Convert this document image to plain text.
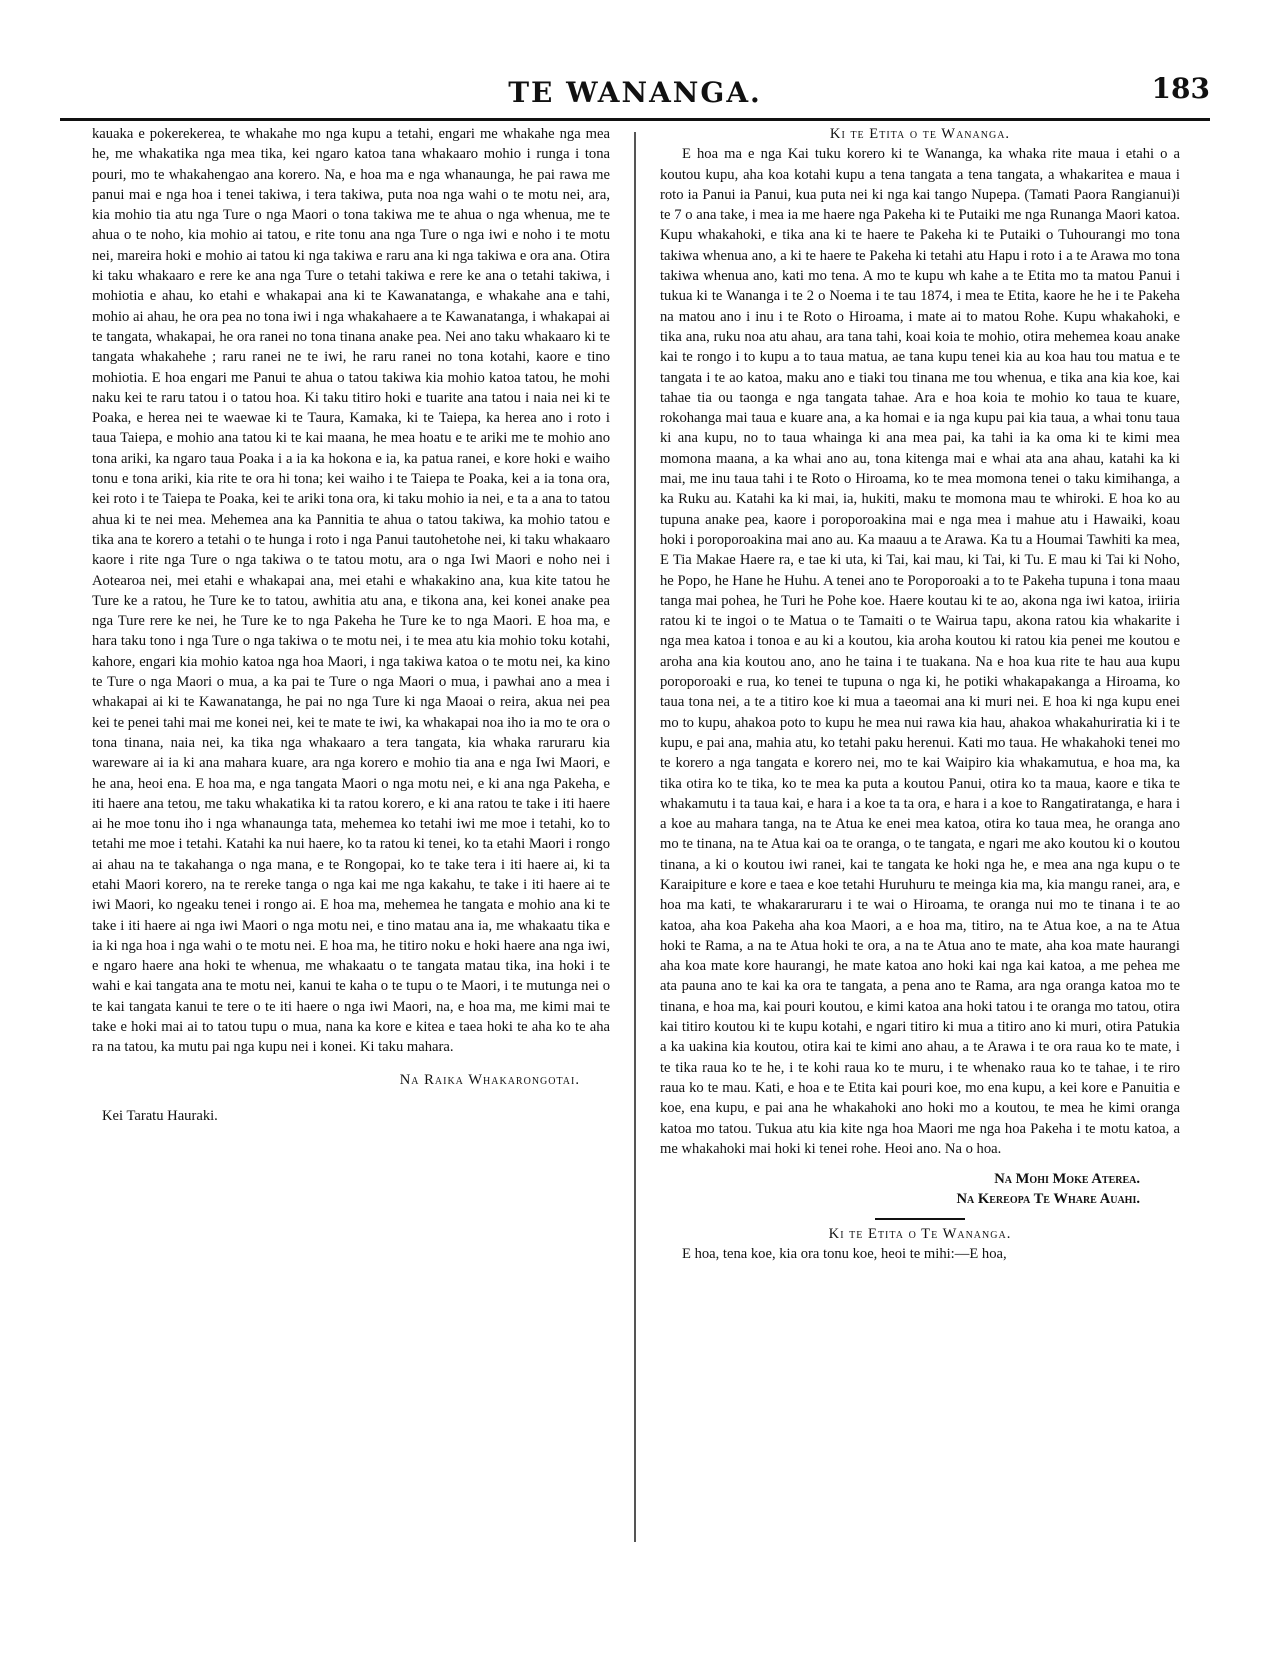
TE WANANGA.	183

kauaka e pokerekerea, te whakahe mo nga kupu a tetahi, engari me whakahe nga mea he, me whakatika nga mea tika, kei ngaro katoa tana whakaaro mohio i runga i tona pouri, mo te whakahengao ana korero. Na, e hoa ma e nga whanaunga, he pai rawa me panui mai e nga hoa i tenei takiwa, i tera takiwa, puta noa nga wahi o te motu nei, ara, kia mohio tia atu nga Ture o nga Maori o tona takiwa me te ahua o nga whenua, me te ahua o te noho, kia mohio ai tatou, e rite tonu ana nga Ture o nga iwi e noho i te motu nei, mareira hoki e mohio ai tatou ki nga takiwa e raru ana ki nga takiwa e ora ana. Otira ki taku whakaaro e rere ke ana nga Ture o tetahi takiwa e rere ke ana o tetahi takiwa, i mohiotia e ahau, ko etahi e whakapai ana ki te Kawanatanga, e whakahe ana e tahi, mohio ai ahau, he ora pea no tona iwi i nga whakahaere a te Kawanatanga, i whakapai ai te tangata, whakapai, he ora ranei no tona tinana anake pea. Nei ano taku whakaaro ki te tangata whakahehe ; raru ranei ne te iwi, he raru ranei no tona kotahi, kaore e tino mohiotia. E hoa engari me Panui te ahua o tatou takiwa kia mohio katoa tatou, he mohi naku kei te raru tatou i o tatou hoa. Ki taku titiro hoki e tuarite ana tatou i naia nei ki te Poaka, e herea nei te waewae ki te Taura, Kamaka, ki te Taiepa, ka herea ano i roto i taua Taiepa, e mohio ana tatou ki te kai maana, he mea hoatu e te ariki me te mohio ano tona ariki, ka ngaro taua Poaka i a ia ka hokona e ia, ka patua ranei, e kore hoki e waiho tonu e tona ariki, kia rite te ora hi tona; kei waiho i te Taiepa te Poaka, kei a ia tona ora, kei roto i te Taiepa te Poaka, kei te ariki tona ora, ki taku mohio ia nei, e ta a ana to tatou ahua ki te nei mea. Mehemea ana ka Pannitia te ahua o tatou takiwa, ka mohio tatou e tika ana te korero a tetahi o te hunga i roto i nga Panui tautohetohe nei, ki taku whakaaro kaore i rite nga Ture o nga takiwa o te tatou motu, ara o nga Iwi Maori e noho nei i Aotearoa nei, mei etahi e whakapai ana, mei etahi e whakakino ana, kua kite tatou he Ture ke a ratou, he Ture ke to tatou, awhitia atu ana, e tikona ana, kei konei anake pea nga Ture rere ke nei, he Ture ke to nga Pakeha he Ture ke to nga Maori. E hoa ma, e hara taku tono i nga Ture o nga takiwa o te motu nei, i te mea atu kia mohio toku kotahi, kahore, engari kia mohio katoa nga hoa Maori, i nga takiwa katoa o te motu nei, ka kino te Ture o nga Maori o mua, a ka pai te Ture o nga Maori o mua, i pawhai ano a mea i whakapai ai ki te Kawanatanga, he pai no nga Ture ki nga Maoai o reira, akua nei pea kei te penei tahi mai me konei nei, kei te mate te iwi, ka whakapai noa iho ia mo te ora o tona tinana, naia nei, ka tika nga whakaaro a tera tangata, kia whaka raruraru kia wareware ai ia ki ana mahara kuare, ara nga korero e mohio tia ana e nga Iwi Maori, e he ana, heoi ena. E hoa ma, e nga tangata Maori o nga motu nei, e ki ana nga Pakeha, e iti haere ana tetou, me taku whakatika ki ta ratou korero, e ki ana ratou te take i iti haere ai he moe tonu iho i nga whanaunga tata, mehemea ko tetahi iwi me moe i tetahi, ko to tetahi me moe i tetahi. Katahi ka nui haere, ko ta ratou ki tenei, ko ta etahi Maori i rongo ai ahau na te takahanga o nga mana, e te Rongopai, ko te take tera i iti haere ai, ki ta etahi Maori korero, na te rereke tanga o nga kai me nga kakahu, te take i iti haere ai te iwi Maori, ko ngeaku tenei i rongo ai. E hoa ma, mehemea he tangata e mohio ana ki te take i iti haere ai nga iwi Maori o nga motu nei, e tino matau ana ia, me whakaatu tika e ia ki nga hoa i nga wahi o te motu nei. E hoa ma, he titiro noku e hoki haere ana nga iwi, e ngaro haere ana hoki te whenua, me whakaatu o te tangata matau tika, ina hoki i te wahi e kai tangata ana te motu nei, kanui te kaha o te tupu o te Maori, i te mutunga nei o te kai tangata kanui te tere o te iti haere o nga iwi Maori, na, e hoa ma, me kimi mai te take e hoki mai ai to tatou tupu o mua, nana ka kore e kitea e taea hoki te aha ko te aha ra na tatou, ka mutu pai nga kupu nei i konei. Ki taku mahara.

Na Raika Whakarongotai.

Kei Taratu Hauraki.

Ki te Etita o te Wananga.

E hoa ma e nga Kai tuku korero ki te Wananga, ka whaka rite maua i etahi o a koutou kupu, aha koa kotahi kupu a tena tangata a tena tangata, a whakaritea e maua i roto ia Panui ia Panui, kua puta nei ki nga kai tango Nupepa. (Tamati Paora Rangianui)i te 7 o ana take, i mea ia me haere nga Pakeha ki te Putaiki me nga Runanga Maori katoa. Kupu whakahoki, e tika ana ki te haere te Pakeha ki te Putaiki o Tuhourangi mo tona takiwa whenua ano, a ki te haere te Pakeha ki tetahi atu Hapu i roto i a te Arawa mo tona takiwa whenua ano, kati mo tena. A mo te kupu wh kahe a te Etita mo ta matou Panui i tukua ki te Wananga i te 2 o Noema i te tau 1874, i mea te Etita, kaore he he i te Pakeha na matou ano i inu i te Roto o Hiroama, i mate ai to matou Rohe. Kupu whakahoki, e tika ana, ruku noa atu ahau, ara tana tahi, koai koia te mohio, otira mehemea koau anake kai te rongo i to kupu a to taua matua, ae tana kupu tenei kia au koa hau tou matua e te tangata i te ao katoa, maku ano e tiaki tou tinana me tou whenua, e tika ana kia koe, kai tahae tia ou taonga e nga tangata tahae. Ara e hoa koia te mohio ko taua te kuare, rokohanga mai taua e kuare ana, a ka homai e ia nga kupu pai kia taua, a whai tonu taua ki ana kupu, no to taua whainga ki ana mea pai, ka tahi ia ka oma ki te kimi mea momona maana, a ka whai ano au, tona kitenga mai e whai ata ana ahau, katahi ka ki mai, me inu taua tahi i te Roto o Hiroama, ko te mea momona tenei o taku kimihanga, a ka Ruku au. Katahi ka ki mai, ia, hukiti, maku te momona mau te whiroki. E hoa ko au tupuna anake pea, kaore i poroporoakina mai e nga mea i mahue atu i Hawaiki, koau hoki i poroporoakina mai ano au. Ka maauu a te Arawa. Ka tu a Houmai Tawhiti ka mea, E Tia Makae Haere ra, e tae ki uta, ki Tai, kai mau, ki Tai, ki Tu. E mau ki Tai ki Noho, he Popo, he Hane he Huhu. A tenei ano te Poroporoaki a to te Pakeha tupuna i tona maau tanga mai pohea, he Turi he Pohe koe. Haere koutau ki te ao, akona nga iwi katoa, iriiria ratou ki te ingoi o te Matua o te Tamaiti o te Wairua tapu, akona ratou kia whakarite i nga mea katoa i tonoa e au ki a koutou, kia aroha koutou ki ratou kia penei me koutou e aroha ana kia koutou ano, ano he taina i te tuakana. Na e hoa kua rite te hau aua kupu poroporoaki e rua, ko tenei te tupuna o nga ki, he potiki whakapakanga a Hiroama, ko taua tona nei, a te a titiro koe ki mua a taeomai ana ki muri nei. E hoa ki nga kupu enei mo to kupu, ahakoa poto to kupu he mea nui rawa kia hau, ahakoa whakahuriratia ki i te kupu, e pai ana, mahia atu, ko tetahi paku herenui. Kati mo taua. He whakahoki tenei mo te korero a nga tangata e korero nei, mo te kai Waipiro kia whakamutua, e hoa ma, ka tika otira ko te tika, ko te mea ka puta a koutou Panui, otira ko ta maua, kaore e tika te whakamutu i ta taua kai, e hara i a koe ta ta ora, e hara i a koe to Rangatiratanga, e hara i a koe au mahara tanga, na te Atua ke enei mea katoa, otira ko taua mea, he oranga ano mo te tinana, na te Atua kai oa te oranga, o te tangata, e ngari me ako koutou ki o koutou tinana, a ki o koutou iwi ranei, kai te tangata ke hoki nga he, e mea ana nga kupu o te Karaipiture e kore e taea e koe tetahi Huruhuru te meinga kia ma, kia mangu ranei, ara, e hoa ma kati, te whakararuraru i te wai o Hiroama, te oranga nui mo te tinana i te ao katoa, aha koa Pakeha aha koa Maori, a e hoa ma, titiro, na te Atua koe, a na te Atua hoki te Rama, a na te Atua hoki te ora, a na te Atua ano te mate, aha koa mate haurangi aha koa mate kore haurangi, he mate katoa ano hoki kai nga kai katoa, a me pehea me ata pauna ano te kai ka ora te tangata, a pena ano te Rama, ara nga oranga katoa mo te tinana, e hoa ma, kai pouri koutou, e kimi katoa ana hoki tatou i te oranga mo tatou, otira kai titiro koutou ki te kupu kotahi, e ngari titiro ki mua a titiro ano ki muri, otira Patukia a ka uakina kia koutou, otira kai te kimi ano ahau, a te Arawa i te ora raua ko te mate, i te tika raua ko te he, i te kohi raua ko te muru, i te whenako raua ko te tahae, i te riro raua ko te mau. Kati, e hoa e te Etita kai pouri koe, mo ena kupu, a kei kore e Panuitia e koe, ena kupu, e pai ana he whakahoki ano hoki mo a koutou, te mea he kimi oranga katoa mo tatou. Tukua atu kia kite nga hoa Maori me nga hoa Pakeha i te motu katoa, a me whakahoki mai hoki ki tenei rohe. Heoi ano. Na o hoa.

Na Mohi Moke Aterea.

Na Kereopa Te Whare Auahi.

Ki te Etita o Te Wananga.

E hoa, tena koe, kia ora tonu koe, heoi te mihi:—E hoa,
